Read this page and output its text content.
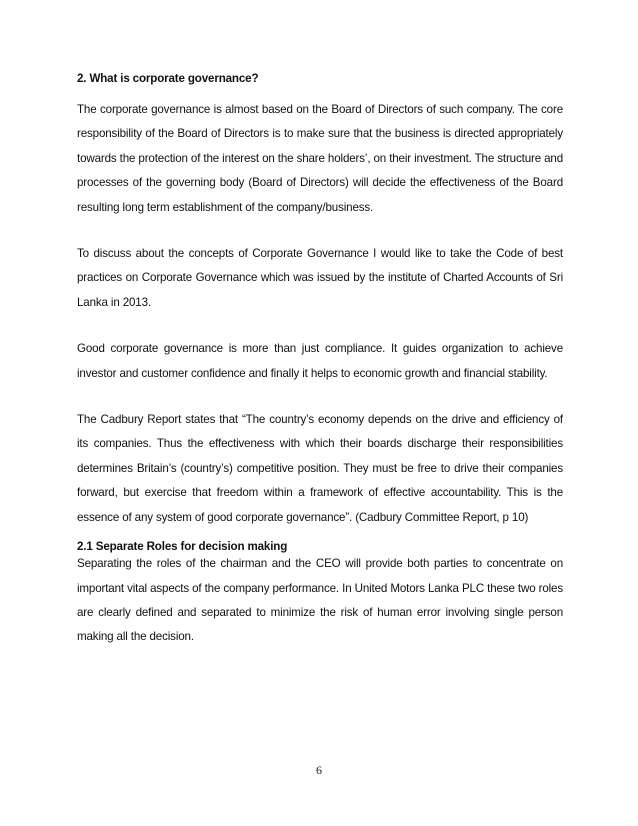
2. What is corporate governance?

The corporate governance is almost based on the Board of Directors of such company. The core responsibility of the Board of Directors is to make sure that the business is directed appropriately towards the protection of the interest on the share holders’, on their investment. The structure and processes of the governing body (Board of Directors) will decide the effectiveness of the Board resulting long term establishment of the company/business.

To discuss about the concepts of Corporate Governance I would like to take the Code of best practices on Corporate Governance which was issued by the institute of Charted Accounts of Sri Lanka in 2013.

Good corporate governance is more than just compliance. It guides organization to achieve investor and customer confidence and finally it helps to economic growth and financial stability.

The Cadbury Report states that “The country’s economy depends on the drive and efficiency of its companies. Thus the effectiveness with which their boards discharge their responsibilities determines Britain’s (country’s) competitive position. They must be free to drive their companies forward, but exercise that freedom within a framework of effective accountability. This is the essence of any system of good corporate governance”. (Cadbury Committee Report, p 10)

2.1 Separate Roles for decision making

Separating the roles of the chairman and the CEO will provide both parties to concentrate on important vital aspects of the company performance. In United Motors Lanka PLC these two roles are clearly defined and separated to minimize the risk of human error involving single person making all the decision.

6
